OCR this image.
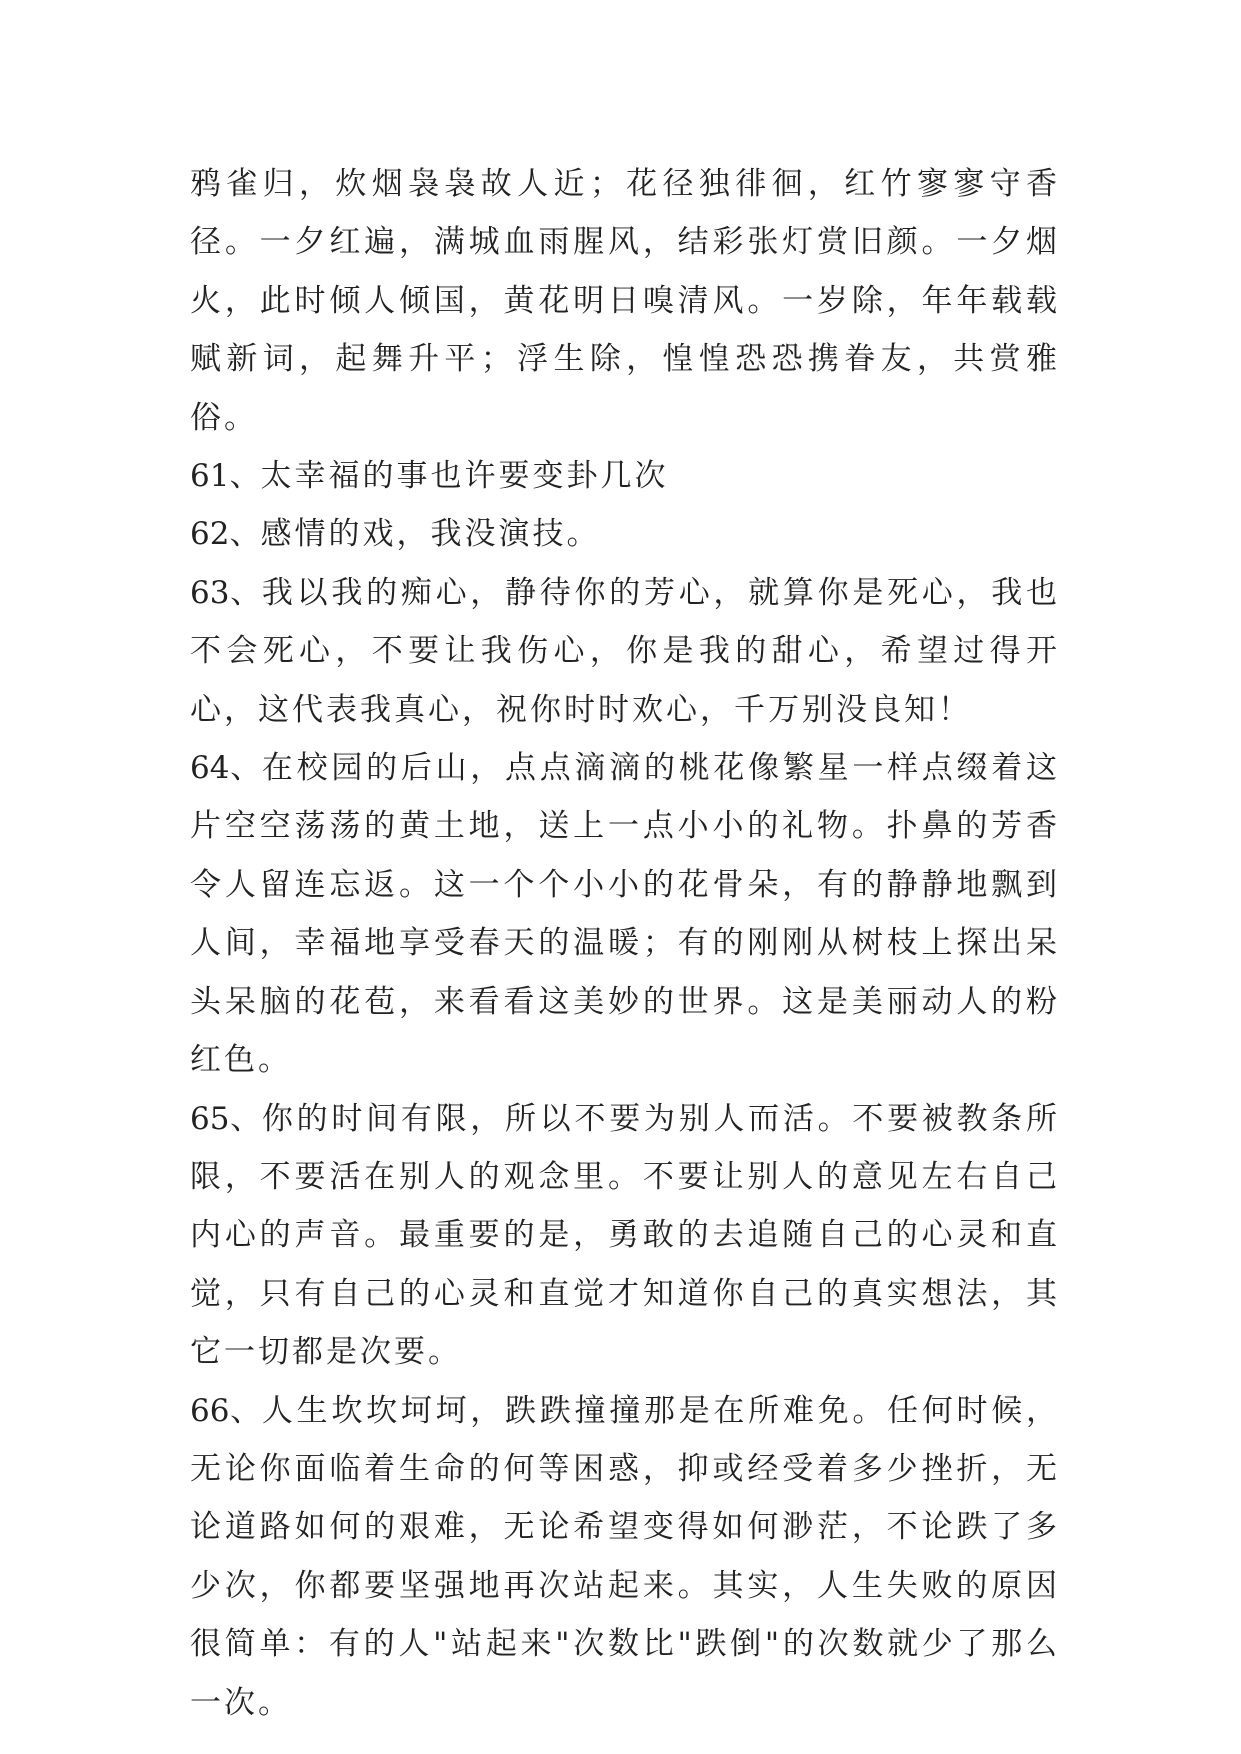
鸦雀归，炊烟袅袅故人近；花径独徘徊，红竹寥寥守香径。一夕红遍，满城血雨腥风，结彩张灯赏旧颜。一夕烟火，此时倾人倾国，黄花明日嗅清风。一岁除，年年载载赋新词，起舞升平；浮生除，惶惶恐恐携眷友，共赏雅俗。

61、太幸福的事也许要变卦几次

62、感情的戏，我没演技。

63、我以我的痴心，静待你的芳心，就算你是死心，我也不会死心，不要让我伤心，你是我的甜心，希望过得开心，这代表我真心，祝你时时欢心，千万别没良知！

64、在校园的后山，点点滴滴的桃花像繁星一样点缀着这片空空荡荡的黄土地，送上一点小小的礼物。扑鼻的芳香令人留连忘返。这一个个小小的花骨朵，有的静静地飘到人间，幸福地享受春天的温暖；有的刚刚从树枝上探出呆头呆脑的花苞，来看看这美妙的世界。这是美丽动人的粉红色。

65、你的时间有限，所以不要为别人而活。不要被教条所限，不要活在别人的观念里。不要让别人的意见左右自己内心的声音。最重要的是，勇敢的去追随自己的心灵和直觉，只有自己的心灵和直觉才知道你自己的真实想法，其它一切都是次要。

66、人生坎坎坷坷，跌跌撞撞那是在所难免。任何时候，无论你面临着生命的何等困惑，抑或经受着多少挫折，无论道路如何的艰难，无论希望变得如何渺茫，不论跌了多少次，你都要坚强地再次站起来。其实，人生失败的原因很简单：有的人"站起来"次数比"跌倒"的次数就少了那么一次。
